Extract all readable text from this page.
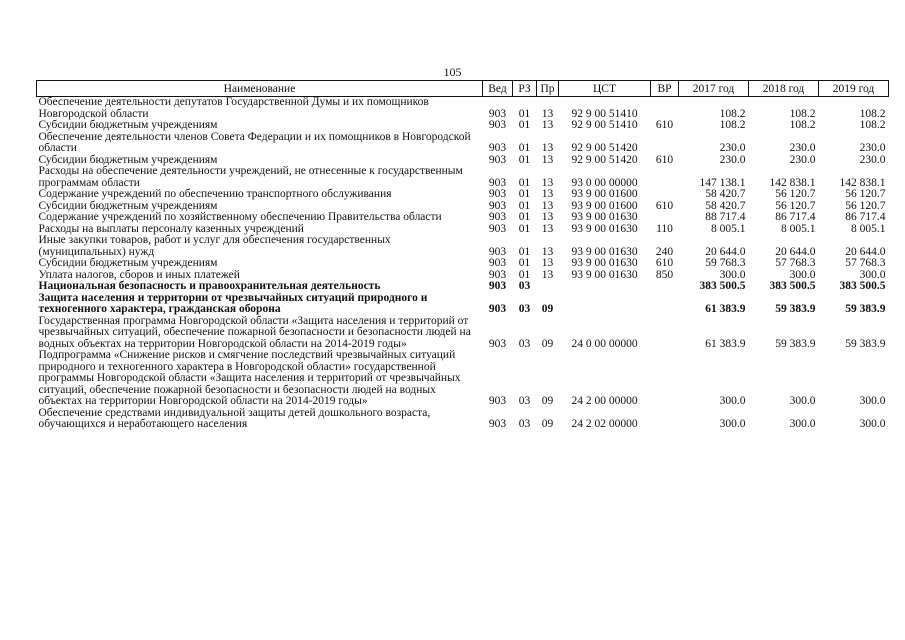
105
Наименование	Вед	РЗ	Пр	ЦСТ	ВР	2017 год	2018 год	2019 год
Обеспечение деятельности депутатов Государственной Думы и их помощников Новгородской области	903	01	13	92 9 00 51410		108.2	108.2	108.2
Субсидии бюджетным учреждениям	903	01	13	92 9 00 51410	610	108.2	108.2	108.2
Обеспечение деятельности членов Совета Федерации и их помощников в Новгородской области	903	01	13	92 9 00 51420		230.0	230.0	230.0
Субсидии бюджетным учреждениям	903	01	13	92 9 00 51420	610	230.0	230.0	230.0
Расходы на обеспечение деятельности учреждений, не отнесенные к государственным программам области	903	01	13	93 0 00 00000		147 138.1	142 838.1	142 838.1
Содержание учреждений по обеспечению транспортного обслуживания	903	01	13	93 9 00 01600		58 420.7	56 120.7	56 120.7
Субсидии бюджетным учреждениям	903	01	13	93 9 00 01600	610	58 420.7	56 120.7	56 120.7
Содержание учреждений по хозяйственному обеспечению Правительства области	903	01	13	93 9 00 01630		88 717.4	86 717.4	86 717.4
Расходы на выплаты персоналу казенных учреждений	903	01	13	93 9 00 01630	110	8 005.1	8 005.1	8 005.1
Иные закупки товаров, работ и услуг для обеспечения государственных (муниципальных) нужд	903	01	13	93 9 00 01630	240	20 644.0	20 644.0	20 644.0
Субсидии бюджетным учреждениям	903	01	13	93 9 00 01630	610	59 768.3	57 768.3	57 768.3
Уплата налогов, сборов и иных платежей	903	01	13	93 9 00 01630	850	300.0	300.0	300.0
Национальная безопасность и правоохранительная деятельность	903	03				383 500.5	383 500.5	383 500.5
Защита населения и территории от чрезвычайных ситуаций природного и техногенного характера, гражданская оборона	903	03	09			61 383.9	59 383.9	59 383.9
Государственная программа Новгородской области «Защита населения и территорий от чрезвычайных ситуаций, обеспечение пожарной безопасности и безопасности людей на водных объектах на территории Новгородской области на 2014-2019 годы»	903	03	09	24 0 00 00000		61 383.9	59 383.9	59 383.9
Подпрограмма «Снижение рисков и смягчение последствий чрезвычайных ситуаций природного и техногенного характера в Новгородской области» государственной программы Новгородской области «Защита населения и территорий от чрезвычайных ситуаций, обеспечение пожарной безопасности и безопасности людей на водных объектах на территории Новгородской области на 2014-2019 годы»	903	03	09	24 2 00 00000		300.0	300.0	300.0
Обеспечение средствами индивидуальной защиты детей дошкольного возраста, обучающихся и неработающего населения	903	03	09	24 2 02 00000		300.0	300.0	300.0
